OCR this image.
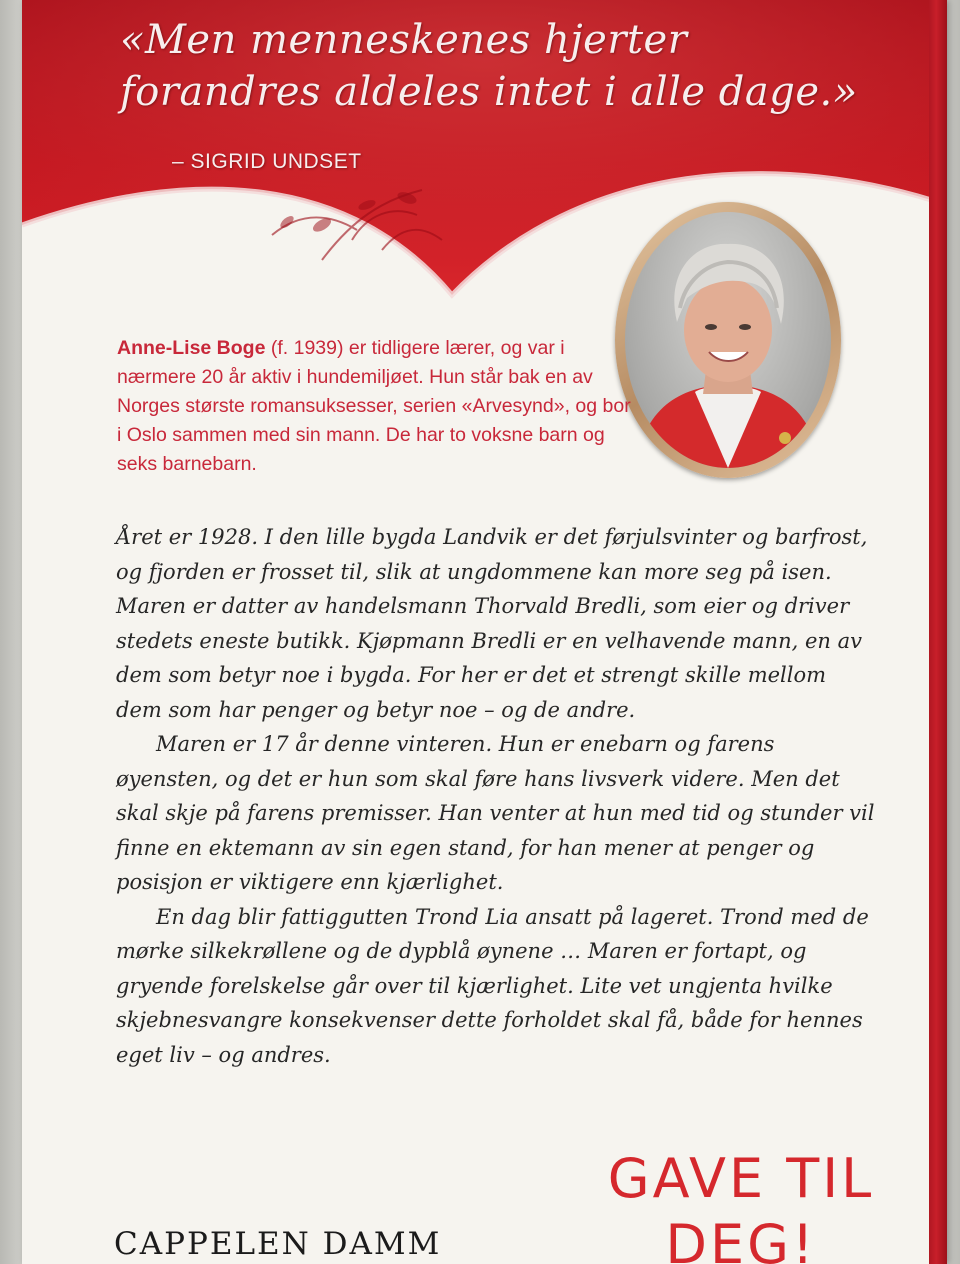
«Men menneskenes hjerter forandres aldeles intet i alle dage.»
– SIGRID UNDSET
Anne-Lise Boge (f. 1939) er tidligere lærer, og var i nærmere 20 år aktiv i hundemiljøet. Hun står bak en av Norges største romansuksesser, serien «Arvesynd», og bor i Oslo sammen med sin mann. De har to voksne barn og seks barnebarn.

Året er 1928. I den lille bygda Landvik er det førjulsvinter og barfrost, og fjorden er frosset til, slik at ungdommene kan more seg på isen. Maren er datter av handelsmann Thorvald Bredli, som eier og driver stedets eneste butikk. Kjøpmann Bredli er en velhavende mann, en av dem som betyr noe i bygda. For her er det et strengt skille mellom dem som har penger og betyr noe – og de andre.

Maren er 17 år denne vinteren. Hun er enebarn og farens øyensten, og det er hun som skal føre hans livsverk videre. Men det skal skje på farens premisser. Han venter at hun med tid og stunder vil finne en ektemann av sin egen stand, for han mener at penger og posisjon er viktigere enn kjærlighet.

En dag blir fattiggutten Trond Lia ansatt på lageret. Trond med de mørke silkekrøllene og de dypblå øynene … Maren er fortapt, og gryende forelskelse går over til kjærlighet. Lite vet ungjenta hvilke skjebnesvangre konsekvenser dette forholdet skal få, både for hennes eget liv – og andres.

CAPPELEN DAMM
GAVE TIL DEG!
